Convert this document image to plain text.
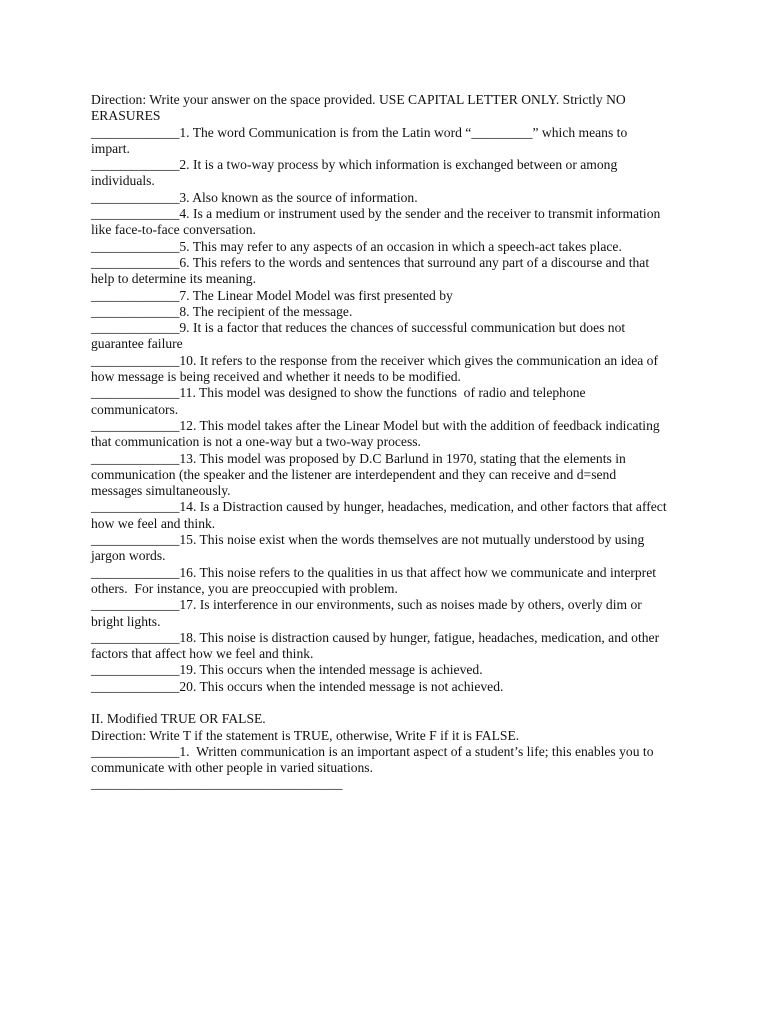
Direction: Write your answer on the space provided. USE CAPITAL LETTER ONLY. Strictly NO

ERASURES

_____________1. The word Communication is from the Latin word “_________” which means to

impart.

_____________2. It is a two-way process by which information is exchanged between or among

individuals.

_____________3. Also known as the source of information.

_____________4. Is a medium or instrument used by the sender and the receiver to transmit information

like face-to-face conversation.

_____________5. This may refer to any aspects of an occasion in which a speech-act takes place.

_____________6. This refers to the words and sentences that surround any part of a discourse and that

help to determine its meaning.

_____________7. The Linear Model Model was first presented by

_____________8. The recipient of the message.

_____________9. It is a factor that reduces the chances of successful communication but does not

guarantee failure

_____________10. It refers to the response from the receiver which gives the communication an idea of

how message is being received and whether it needs to be modified.

_____________11. This model was designed to show the functions  of radio and telephone

communicators.

_____________12. This model takes after the Linear Model but with the addition of feedback indicating

that communication is not a one-way but a two-way process.

_____________13. This model was proposed by D.C Barlund in 1970, stating that the elements in

communication (the speaker and the listener are interdependent and they can receive and d=send

messages simultaneously.

_____________14. Is a Distraction caused by hunger, headaches, medication, and other factors that affect

how we feel and think.

_____________15. This noise exist when the words themselves are not mutually understood by using

jargon words.

_____________16. This noise refers to the qualities in us that affect how we communicate and interpret

others.  For instance, you are preoccupied with problem.

_____________17. Is interference in our environments, such as noises made by others, overly dim or

bright lights.

_____________18. This noise is distraction caused by hunger, fatigue, headaches, medication, and other

factors that affect how we feel and think.

_____________19. This occurs when the intended message is achieved.

_____________20. This occurs when the intended message is not achieved.

II. Modified TRUE OR FALSE.

Direction: Write T if the statement is TRUE, otherwise, Write F if it is FALSE.

_____________1.  Written communication is an important aspect of a student’s life; this enables you to

communicate with other people in varied situations.

_____________________________________
